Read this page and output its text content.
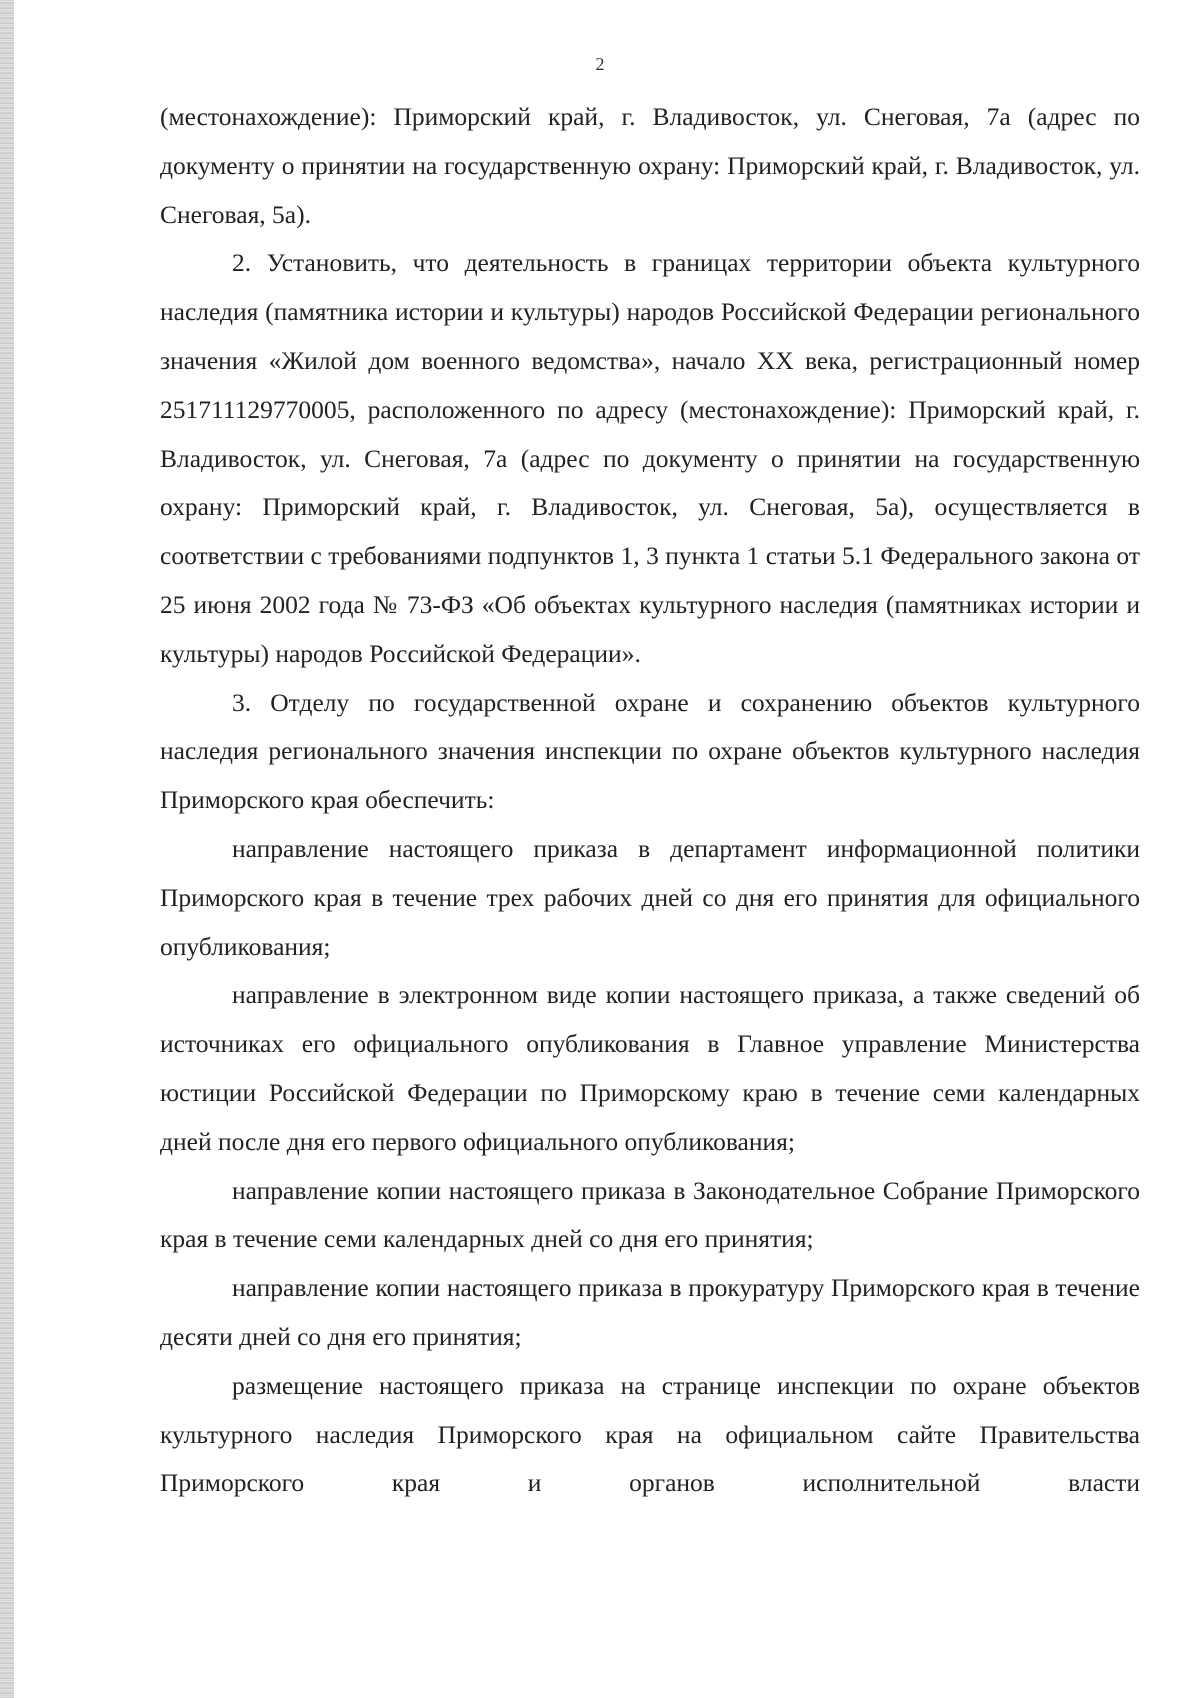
2

(местонахождение): Приморский край, г. Владивосток, ул. Снеговая, 7а (адрес по документу о принятии на государственную охрану: Приморский край, г. Владивосток, ул. Снеговая, 5а).

2. Установить, что деятельность в границах территории объекта культурного наследия (памятника истории и культуры) народов Российской Федерации регионального значения «Жилой дом военного ведомства», начало XX века, регистрационный номер 251711129770005, расположенного по адресу (местонахождение): Приморский край, г. Владивосток, ул. Снеговая, 7а (адрес по документу о принятии на государственную охрану: Приморский край, г. Владивосток, ул. Снеговая, 5а), осуществляется в соответствии с требованиями подпунктов 1, 3 пункта 1 статьи 5.1 Федерального закона от 25 июня 2002 года № 73-ФЗ «Об объектах культурного наследия (памятниках истории и культуры) народов Российской Федерации».

3. Отделу по государственной охране и сохранению объектов культурного наследия регионального значения инспекции по охране объектов культурного наследия Приморского края обеспечить:

направление настоящего приказа в департамент информационной политики Приморского края в течение трех рабочих дней со дня его принятия для официального опубликования;

направление в электронном виде копии настоящего приказа, а также сведений об источниках его официального опубликования в Главное управление Министерства юстиции Российской Федерации по Приморскому краю в течение семи календарных дней после дня его первого официального опубликования;

направление копии настоящего приказа в Законодательное Собрание Приморского края в течение семи календарных дней со дня его принятия;

направление копии настоящего приказа в прокуратуру Приморского края в течение десяти дней со дня его принятия;

размещение настоящего приказа на странице инспекции по охране объектов культурного наследия Приморского края на официальном сайте Правительства Приморского края и органов исполнительной власти
